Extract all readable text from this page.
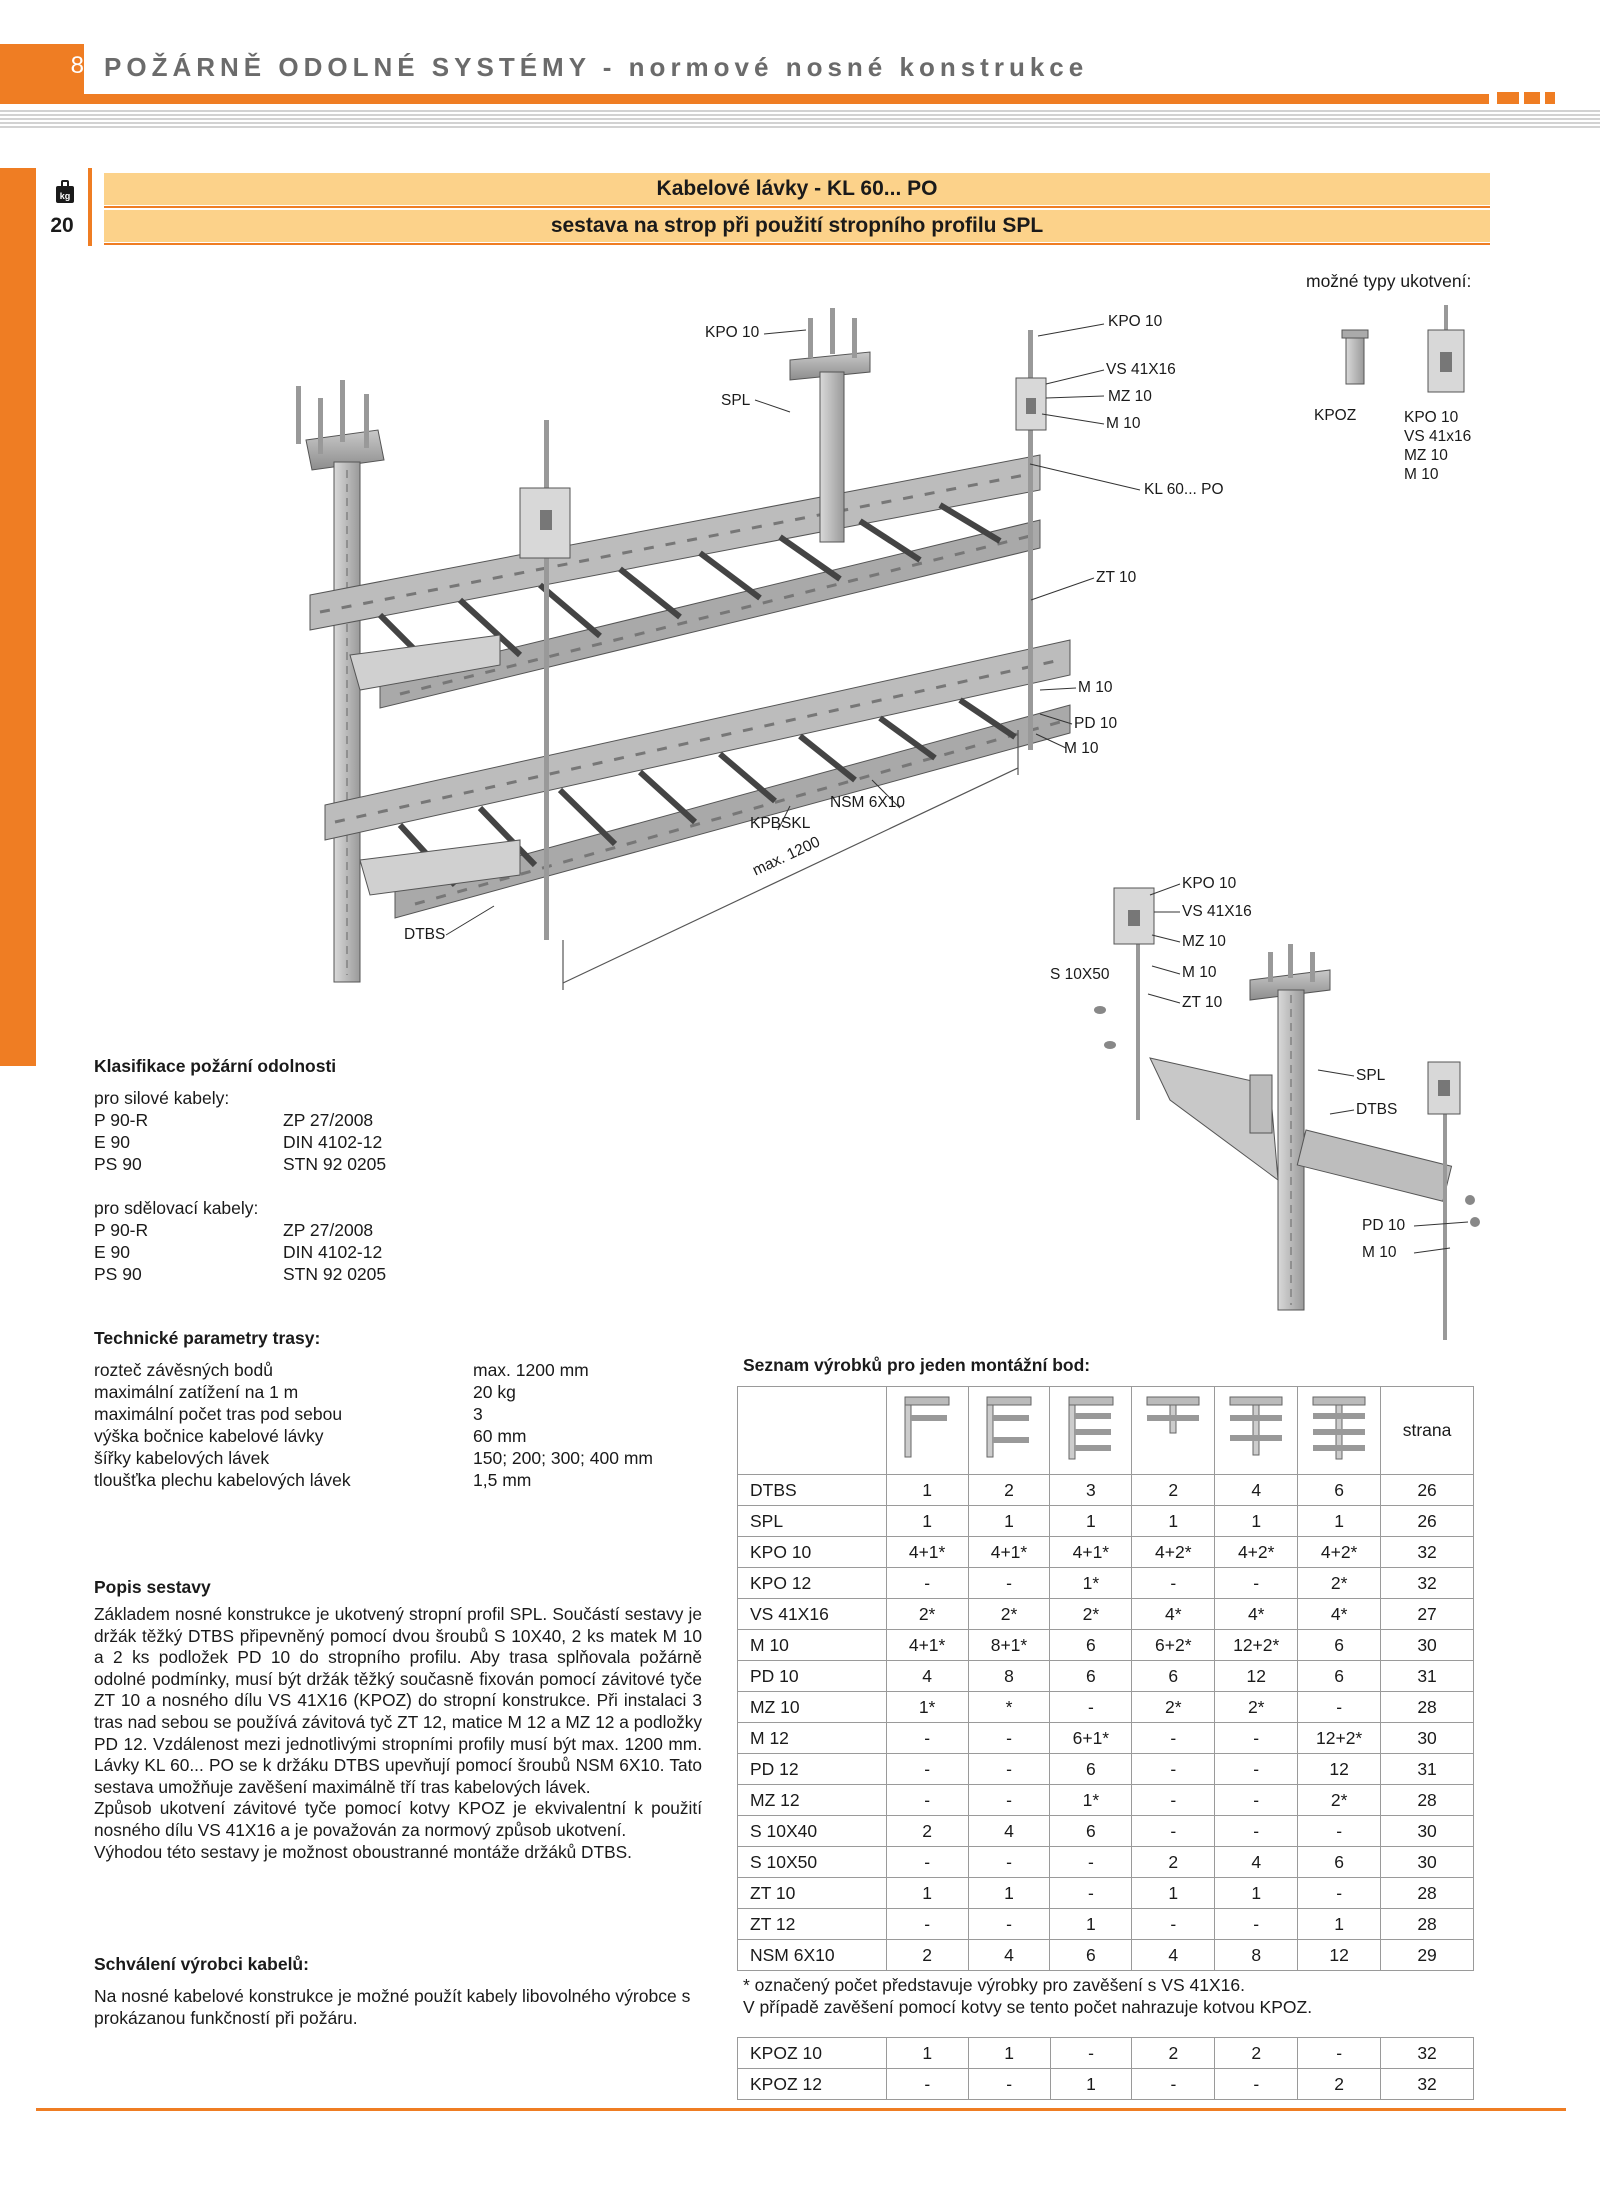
8 POŽÁRNĚ ODOLNÉ SYSTÉMY - normové nosné konstrukce
kg
20
Kabelové lávky - KL 60... PO
sestava na strop při použití stropního profilu SPL
možné typy ukotvení:
KPOZ	KPO 10
VS 41x16
MZ 10
M 10
KPO 10
SPL
KPO 10
VS 41X16
MZ 10
M 10
KL 60... PO
ZT 10
M 10
PD 10
M 10
NSM 6X10
KPBSKL
max. 1200
DTBS
KPO 10
VS 41X16
MZ 10
S 10X50	M 10
ZT 10
SPL
DTBS
PD 10
M 10
Klasifikace požární odolnosti
pro silové kabely:
P 90-R	ZP 27/2008
E 90	DIN 4102-12
PS 90	STN 92 0205
pro sdělovací kabely:
P 90-R	ZP 27/2008
E 90	DIN 4102-12
PS 90	STN 92 0205
Technické parametry trasy:
rozteč závěsných bodů	max. 1200 mm
maximální zatížení na 1 m	20 kg
maximální počet tras pod sebou	3
výška bočnice kabelové lávky	60 mm
šířky kabelových lávek	150; 200; 300; 400 mm
tloušťka plechu kabelových lávek	1,5 mm
Popis sestavy

Základem nosné konstrukce je ukotvený stropní profil SPL. Součástí sestavy je držák těžký DTBS připevněný pomocí dvou šroubů S 10X40, 2 ks matek M 10 a 2 ks podložek PD 10 do stropního profilu. Aby trasa splňovala požárně odolné podmínky, musí být držák těžký současně fixován pomocí závitové tyče ZT 10 a nosného dílu VS 41X16 (KPOZ) do stropní konstrukce. Při instalaci 3 tras nad sebou se používá závitová tyč ZT 12, matice M 12 a MZ 12 a podložky PD 12. Vzdálenost mezi jednotlivými stropními profily musí být max. 1200 mm. Lávky KL 60... PO se k držáku DTBS upevňují pomocí šroubů NSM 6X10. Tato sestava umožňuje zavěšení maximálně tří tras kabelových lávek.

Způsob ukotvení závitové tyče pomocí kotvy KPOZ je ekvivalentní k použití nosného dílu VS 41X16 a je považován za normový způsob ukotvení.

Výhodou této sestavy je možnost oboustranné montáže držáků DTBS.

Schválení výrobci kabelů:
Na nosné kabelové konstrukce je možné použít kabely libovolného výrobce s prokázanou funkčností při požáru.
Seznam výrobků pro jeden montážní bod:
							strana
DTBS	1	2	3	2	4	6	26
SPL	1	1	1	1	1	1	26
KPO 10	4+1*	4+1*	4+1*	4+2*	4+2*	4+2*	32
KPO 12	-	-	1*	-	-	2*	32
VS 41X16	2*	2*	2*	4*	4*	4*	27
M 10	4+1*	8+1*	6	6+2*	12+2*	6	30
PD 10	4	8	6	6	12	6	31
MZ 10	1*	*	-	2*	2*	-	28
M 12	-	-	6+1*	-	-	12+2*	30
PD 12	-	-	6	-	-	12	31
MZ 12	-	-	1*	-	-	2*	28
S 10X40	2	4	6	-	-	-	30
S 10X50	-	-	-	2	4	6	30
ZT 10	1	1	-	1	1	-	28
ZT 12	-	-	1	-	-	1	28
NSM 6X10	2	4	6	4	8	12	29
* označený počet představuje výrobky pro zavěšení s VS 41X16.
V případě zavěšení pomocí kotvy se tento počet nahrazuje kotvou KPOZ.
KPOZ 10	1	1	-	2	2	-	32
KPOZ 12	-	-	1	-	-	2	32
